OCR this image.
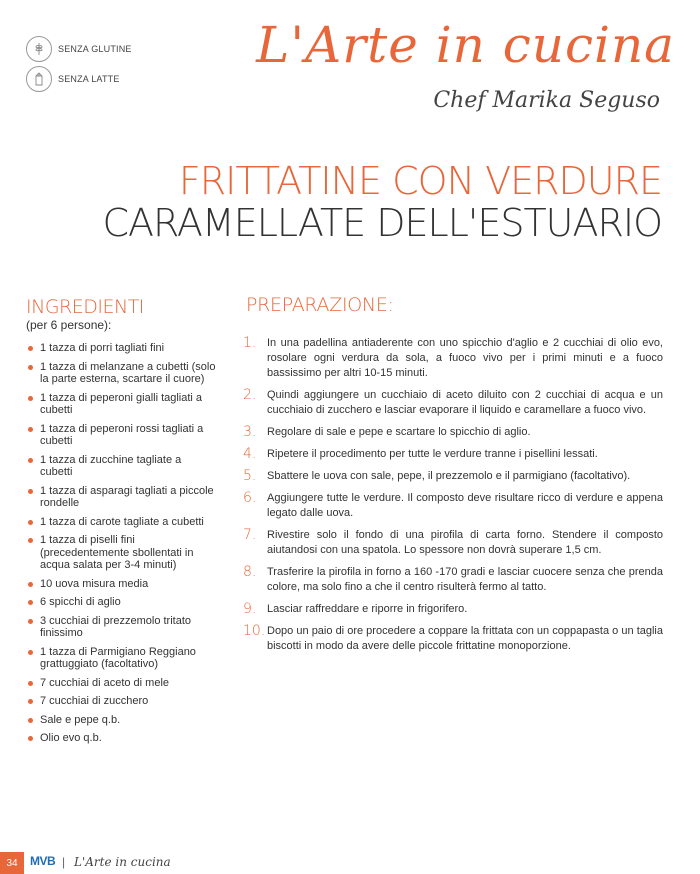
SENZA GLUTINE
SENZA LATTE
L'Arte in cucina
Chef Marika Seguso
FRITTATINE CON VERDURE
CARAMELLATE DELL'ESTUARIO
INGREDIENTI
(per 6 persone):
1 tazza di porri tagliati fini
1 tazza di melanzane a cubetti (solo la parte esterna, scartare il cuore)
1 tazza di peperoni gialli tagliati a cubetti
1 tazza di peperoni rossi tagliati a cubetti
1 tazza di zucchine tagliate a cubetti
1 tazza di asparagi tagliati a piccole rondelle
1 tazza di carote tagliate a cubetti
1 tazza di piselli fini (precedentemente sbollentati in acqua salata per 3-4 minuti)
10 uova misura media
6 spicchi di aglio
3 cucchiai di prezzemolo tritato finissimo
1 tazza di Parmigiano Reggiano grattuggiato (facoltativo)
7 cucchiai di aceto di mele
7 cucchiai di zucchero
Sale e pepe q.b.
Olio evo q.b.
PREPARAZIONE:
1. In una padellina antiaderente con uno spicchio d'aglio e 2 cucchiai di olio evo, rosolare ogni verdura da sola, a fuoco vivo per i primi minuti e a fuoco bassissimo per altri 10-15 minuti.
2. Quindi aggiungere un cucchiaio di aceto diluito con 2 cucchiai di acqua e un cucchiaio di zucchero e lasciar evaporare il liquido e caramellare a fuoco vivo.
3. Regolare di sale e pepe e scartare lo spicchio di aglio.
4. Ripetere il procedimento per tutte le verdure tranne i pisellini lessati.
5. Sbattere le uova con sale, pepe, il prezzemolo e il parmigiano (facoltativo).
6. Aggiungere tutte le verdure. Il composto deve risultare ricco di verdure e appena legato dalle uova.
7. Rivestire solo il fondo di una pirofila di carta forno. Stendere il composto aiutandosi con una spatola. Lo spessore non dovrà superare 1,5 cm.
8. Trasferire la pirofila in forno a 160 -170 gradi e lasciar cuocere senza che prenda colore, ma solo fino a che il centro risulterà fermo al tatto.
9. Lasciar raffreddare e riporre in frigorifero.
10. Dopo un paio di ore procedere a coppare la frittata con un coppapasta o un taglia biscotti in modo da avere delle piccole frittatine monoporzione.
34	MVB | L'Arte in cucina
